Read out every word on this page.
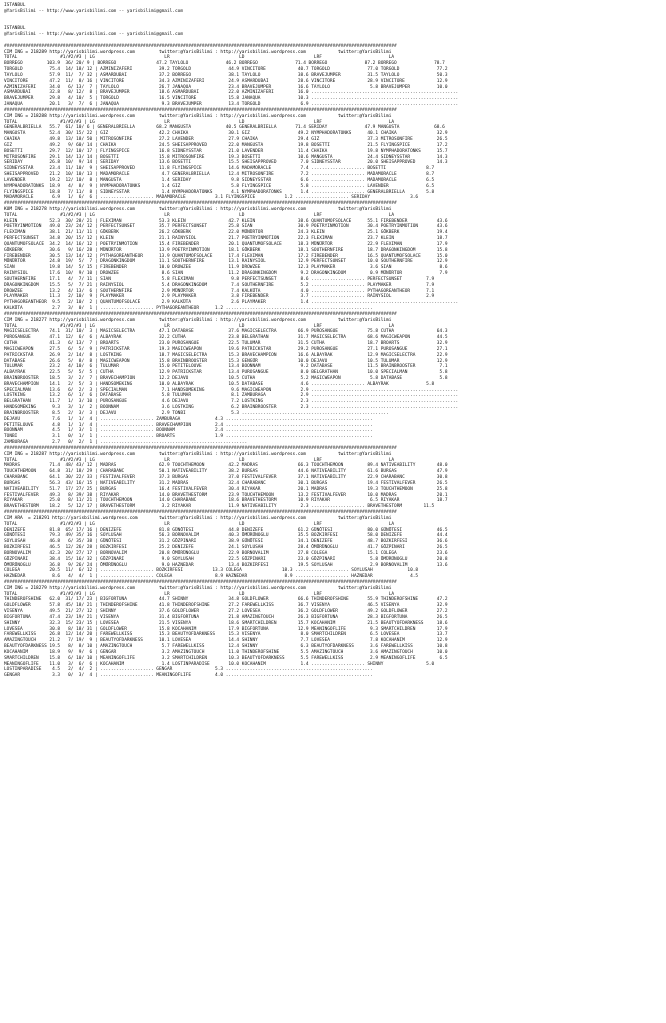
ISTANBUL
@YarisBilimi -- http://www.yarisbilimi.com -- yarisbilimi@gmail.com

ISTANBUL
@YarisBilimi -- http://www.yarisbilimi.com -- yarisbilimi@gmail.com

###################################################################################################################################################
CIM ING = 218289 http://yarisbilimi.wordpress.com         twitter:@YarisBilimi : http://yarisbilimi.wordpress.com            twitter:@YarisBilimi
TOTAL                #1/#2/#3 | LG                          LR                          LD                          LRF                         LA
BORREGO         103.9  36/ 20/ 9 | BORREGO               47.2 TAYLOLO              46.2 BORREGO              71.4 BORREGO              87.2 BORREGO              78.7
TORGOLD          75.4  14/ 18/ 12 | AZMINIZAFERI          39.2 TORGOLD              44.9 VINCITORE            40.7 TORGOLD              77.0 TORGOLD              77.2
TAYLOLO          57.9  11/  7/ 32 | ASMARDUBAI            37.2 BORREGO              38.1 TAYLOLO              38.6 BRAVEJUMPER          31.5 TAYLOLO              50.3
VINCITORE        47.2  11/  8/ 16 | VINCITORE             34.3 AZMINIZAFERI         24.9 ASMARDUBAI           28.6 VINCITORE            28.9 VINCITORE            12.9
AZMINIZAFERI     34.0   6/ 13/  7 | TAYLOLO               26.7 JANAQUA              23.4 BRAVEJUMPER          16.6 TAYLOLO               5.8 BRAVEJUMPER          10.0
ASMARDUBAI       32.8   8/ 12/  8 | BRAVEJUMPER           18.6 ASMARDUBAI           22.0 AZMINIZAFERI         16.0 .......................................................
BRAVEJUMPER      29.8   4/ 10/  5 | TORGOLD               16.5 VINCITORE            15.8 JANAQUA              10.3 .......................................................
JANAQUA          20.1   3/  7/  6 | JANAQUA                9.3 BRAVEJUMPER          13.4 TORGOLD               6.9 .......................................................
###################################################################################################################################################
CIM ING = 218288 http://yarisbilimi.wordpress.com         twitter:@YarisBilimi : http://yarisbilimi.wordpress.com            twitter:@YarisBilimi
TOTAL                #1/#2/#3 | LG                          LR                          LD                          LRF                         LA
GENERALBRIELLA   55.7  61/ 10/ 6 | GENERALBRIELLA        68.2 MANGUSTA             40.5 GENERALBRIELLA       71.4 SERIDAY              47.9 MANGUSTA             68.6
MANGUSTA         52.4  30/ 15/ 22 | GIZ                   42.2 CHAIKA               30.1 GIZ                  49.2 NYMPHADORATONKS      40.1 CHAIKA               32.9
CHAIKA           49.8  13/ 18/ 50 | MITROSONFIRE          27.2 LAVENDER             27.9 CHAIKA               29.4 GIZ                  37.3 MITROSONFIRE         26.5
GIZ              49.2   9/ 60/ 14 | CHAIKA                24.5 SHEISAPPROVED        22.0 MANGUSTA             19.8 BOSETTI              21.5 FLYINGSPICE          17.2
BOSETTI          29.7  12/ 10/ 17 | FLYINGSPICE           16.8 SIDNEYSSTAR          21.0 LAVENDER             11.4 CHAIKA               19.8 NYMPHADORATONKS      15.7
MITROSONFIRE     29.1  14/ 13/ 14 | BOSETTI               15.8 MITROSONFIRE         19.3 BOSETTI              10.6 MANGUSTA             24.4 SIDNEYSSTAR          14.3
SERIDAY          26.8  10/  9/ 14 | SERIDAY               13.6 BOSETTI              15.5 SHEISAPPROVED         7.0 SIDNEYSSTAR          20.0 SHEISAPPROVED        14.3
SIDNEYSSTAR      23.4  11/ 10/  9 | SHEISAPPROVED         11.8 FLYINGSPICE          14.6 MADAMORACLE           7.4 .................... BOSETTI               8.7
SHEISAPPROVED    21.2  10/ 10/ 13 | MADAMORACLE            4.7 GENERALBRIELLA       12.4 MITROSONFIRE          7.2 .................... MADAMORACLE           8.7
LAVENDER         19.2  12/ 10/  8 | MANGUSTA               1.4 SERIDAY               9.8 SIDNEYSSTAR           6.6 .................... MADAMORACLE           6.5
NYMPHADORATONKS  18.9   4/  8/  9 | NYMPHADORATONKS        1.4 GIZ                   5.8 FLYINGSPICE           5.8 .................... LAVENDER              6.5
FLYINGSPICE      18.8   7/ 11/  8 | SIDNEYSSTAR            1.4 NYMPHADORATONKS       4.1 NYMPHADORATONKS       1.4 .................... GENERALBRIELLA        5.8
MADAMORACLE       6.9   1/  6/  6 | .................... MADAMORACLE           3.1 FLYINGSPICE           1.2 .................... SERIDAY               3.6
###################################################################################################################################################
KUM ING = 218278 http://yarisbilimi.wordpress.com         twitter:@YarisBilimi : http://yarisbilimi.wordpress.com            twitter:@YarisBilimi
TOTAL                #1/#2/#3 | LG                          LR                          LD                          LRF                         LA
KLEIN            52.3  30/ 28/ 21 | FLEXIMAN              53.3 KLEIN                42.7 KLEIN                38.6 QUANTUMOFSOLACE      55.1 FIREBENDER           43.6
POETRYINMOTION   49.0  23/ 24/ 12 | PERFECTSUNSET         35.7 PERFECTSUNSET        25.8 SIAN                 30.9 POETRYINMOTION       30.4 POETRYINMOTION       43.6
FLEXIMAN         38.1  21/ 11/ 11 | GÖKBERK               26.2 GÖKBERK              22.0 MÜNÜRTOR             24.3 KLEIN                25.1 GÖKBERK              19.4
PERFECTSUNSET    34.8  20/ 15/ 12 | KLEIN                 21.1 RAINYSIOL            21.7 POETRYINMOTION       22.3 FLEXIMAN             23.7 KLEIN                18.7
QUANTUMOFSOLACE  34.2  14/ 16/ 12 | POETRYINMOTION        15.4 FIREBENDER           20.1 QUANTUMOFSOLACE      18.3 MÜNÜRTOR             22.9 FLEXIMAN             17.9
GÖKBERK          30.6   9/ 16/ 28 | MÜNÜRTOR              13.9 POETRYINMOTION       18.1 GÖKBERK              18.1 SOUTHERNFIRE         18.7 DRAGONKINGDOM        15.8
FIREBENDER       30.5  13/ 14/ 12 | PYTHAGOREANTHEOR      13.9 QUANTUMOFSOLACE      17.4 FLEXIMAN             17.2 FIREBENDER           16.5 QUANTUMOFSOLACE      15.0
MÜNÜRTOR         24.8  19/  5/  7 | DRAGONKINGDOM         11.1 SOUTHERNFIRE         13.1 RAINYSIOL            12.9 PERFECTSUNSET        10.0 SOUTHERNFIRE         12.9
SIAN             19.8  14/  5/ 15 | FIREBENDER            10.0 DROWZEE              11.9 DROWZEE              12.3 PLAYMAKER             3.6 SIAN                  8.6
RAINYSIOL        17.6  10/  9/ 10 | DROWZEE                8.6 SIAN                 11.2 DRAGONKINGDOM         9.2 DRAGONKINGDOM         0.9 MÜNÜRTOR              7.9
SOUTHERNFIRE     17.1   4/  7/ 11 | SIAN                   5.8 FLEXIMAN              9.8 PERFECTSUNSET         8.6 .................... PERFECTSUNSET         7.9
DRAGONKINGDOM    15.5   5/  7/ 21 | RAINYSIOL              5.4 DRAGONKINGDOM         7.4 SOUTHERNFIRE          5.2 .................... PLAYMAKER             7.9
DROWZEE          13.2   4/ 13/  6 | SOUTHERNFIRE           2.9 MÜNÜRTOR              7.4 KALKÜTA               4.0 .................... PYTHAGOREANTHEOR      7.1
PLAYMAKER        11.3   2/ 10/  9 | PLAYMAKER              2.9 PLAYMAKER             3.8 FIREBENDER            3.7 .................... RAINYSIOL             2.9
PYTHAGOREANTHEOR  9.5   2/ 10/  2 | QUANTUMOFSOLACE        2.9 KALKÜTA               2.6 PLAYMAKER             1.4 .......................................................
KALKÜTA           2.7   3/  0/  1 | .................... PYTHAGOREANTHEOR      1.2 .......................................................
###################################################################################################################################################
CIM ING = 218277 http://yarisbilimi.wordpress.com         twitter:@YarisBilimi : http://yarisbilimi.wordpress.com            twitter:@YarisBilimi
TOTAL                #1/#2/#3 | LG                          LR                          LD                          LRF                         LA
MAGICSELECTRA    74.1  31/ 10/  3 | MAGICSELECTRA         47.1 DATABASE             37.6 MAGICSELECTRA        66.9 PUROSANGUE           75.8 CUTHA                64.3
PUROSANGUE       47.1  12/  6/  6 | ALBAYRAK              32.2 CUTHA                23.8 BELGRATHAN           31.7 MAGICSELECTRA        68.6 MAGICWEAPON          44.5
CUTHA            41.3   6/ 13/  7 | BROARTS               23.0 PUROSANGUE           22.5 TULUMAR              31.5 CUTHA                18.7 BROARTS              32.9
MAGICWEAPON      27.5   6/  5/  9 | PATRICKSTAR           19.3 MAGICWEAPON          19.6 PATRICKSTAR          29.2 PUROSANGUE           27.1 PUROSANGUE           27.1
PATRICKSTAR      26.9   2/ 14/  8 | LOSTKING              18.7 MAGICSELECTRA        15.3 BRAVECHAMPION        16.6 ALBAYRAK             12.9 MAGICSELECTRA        22.9
DATABASE         26.6   5/  8/  8 | MAGICWEAPON           15.8 BRAINBROOSTER        15.3 GENGÜR               10.0 DEJAVU               10.5 TULUMAR              12.9
TULUMAR          23.2   4/ 10/  6 | TULUMAR               15.0 PETITELOUVE          13.4 BOONNAM               9.2 DATABASE             11.5 BRAINBROOSTER         7.1
ALBAYRAK         22.5   5/  5/  5 | CUTHA                 12.9 PATRICKSTAR          13.4 PUROSANGUE            8.0 BELGRATHAN           10.0 SPECIALMAN            5.8
BRAINBROOSTER    18.5   3/  2/  7 | BRAVECHAMPION         12.2 DEJAVU               10.5 CUTHA                 5.2 MAGICWEAPON           5.8 DATABASE              5.8
BRAVECHAMPION    14.1   2/  5/  3 | HANDSOMEKING          10.0 ALBAYRAK             10.5 DATABASE              4.6 .................... ALBAYRAK              5.8
SPECIALMAN       13.6   6/  2/  3 | SPECIALMAN             7.1 HANDSOMEKING          9.6 MAGICWEAPON           2.9 .......................................................
LOSTKING         13.2   6/  1/  6 | DATABASE               5.8 TULUMAR               8.1 ZAMBURAGA             2.9 .......................................................
BELGRATHAN       11.7   1/  3/ 10 | PUROSANGUE             4.6 DEJAVU                7.2 LOSTKING              2.3 .......................................................
HANDSOMEKING      9.3   3/  1/  2 | BOONNAM                3.6 LOSTKING              6.2 BRAINBROOSTER         2.3 .......................................................
BRAINBROOSTER     8.5   2/  3/  3 | DEJAVU                 2.9 TONBI                 5.3 .......................................................
DEJAVU            7.6   1/  1/  4 | .................... ZAMBURAGA             4.3 .......................................................
PETITELOUVE       4.8   1/  1/  4 | .................... BRAVECHAMPION         2.4 .......................................................
BOONNAM           4.5   1/  3/  1 | .................... BOONNAM               2.4 .......................................................
TONBI             3.1   0/  1/  1 | .................... BROARTS               1.9 .......................................................
ZAMBURAGA         2.7   0/  2/  1 | .......................................................
###################################################################################################################################################
CIM ING = 218287 http://yarisbilimi.wordpress.com         twitter:@YarisBilimi : http://yarisbilimi.wordpress.com            twitter:@YarisBilimi
TOTAL                #1/#2/#3 | LG                          LR                          LD                          LRF                         LA
MADRAS           71.4  48/ 43/ 12 | MADRAS                62.9 TOUCHTHEMOON         42.2 MADRAS               66.3 TOUCHTHEMOON         89.4 NATIVEABILITY        48.0
TOUCHTHEMOON     64.8  31/ 18/ 29 | CHARABANC             50.1 NATIVEABILITY        38.2 BURGAS               44.6 NATIVEABILITY        61.6 BURGAS               47.9
CHARABANC        64.1  30/ 22/ 33 | FESTIVALFEVER         37.3 BURGAS               37.0 FESTIVALFEVER        37.1 NATIVEABILITY        22.9 CHARABANC            30.8
BURGAS           56.3  43/ 16/ 15 | NATIVEABILITY         31.2 MADRAS               32.4 CHARABANC            30.1 BURGAS               19.4 FESTIVALFEVER        26.5
NATIVEABILITY    51.7  17/ 27/ 25 | BURGAS                16.4 FESTIVALFEVER        30.4 RIYAKAR              20.1 MADRAS               19.3 TOUCHTHEMOON         25.8
FESTIVALFEVER    49.3   8/ 39/ 38 | RIYAKAR               14.0 BRAVETHESTORM        23.9 TOUCHTHEMOON         13.2 FESTIVALFEVER        10.0 MADRAS               20.1
RIYAKAR          25.0   8/ 11/ 21 | TOUCHTHEMOON          14.0 CHARABANC            18.6 BRAVETHESTORM        10.9 RIYAKAR               6.5 RIYAKAR              18.7
BRAVETHESTORM    18.2   5/ 12/ 17 | BRAVETHESTORM          3.2 RIYAKAR              11.9 NATIVEABILITY         2.3 .................... BRAVETHESTORM        11.5
###################################################################################################################################################
CIM ARA  = 218291 http://yarisbilimi.wordpress.com        twitter:@YarisBilimi : http://yarisbilimi.wordpress.com            twitter:@YarisBilimi
TOTAL                #1/#2/#3 | LG                          LR                          LD                          LRF                         LA
DENIZEFE         81.8  65/ 17/ 16 | DENIZEFE              81.8 GÜNÖTESI             44.8 DENIZEFE             61.2 GÜNÖTESI             80.0 GÜNÖTESI             46.5
GÜNÖTESI         79.3  49/ 35/ 16 | SOYLUSAH              56.3 BORNOVALIM           40.3 ÖMÜRÜNOGLU           35.5 BOZKIRFESI           58.0 DENIZEFE             44.4
SOYLUSAH         46.8   6/ 35/ 38 | GÜNÖTESI              31.2 GÖZPINARI            38.9 GÜNÖTESI             34.1 DENIZEFE             48.7 BOZKIRFESI           36.6
BOZKIRFESI       46.5  12/ 26/ 28 | BOZKIRFESI            25.2 DENIZEFE             24.1 SOYLUSAH             28.4 ÖMÜRÜNOGLU           41.7 GÖZPINARI            26.5
BORNOVALIM       42.3  20/ 27/ 17 | BORNOVALIM            20.8 ÖMÜRÜNOGLU           22.9 BORNOVALIM           27.8 COLEGA               15.1 COLEGA               23.6
GÖZPINARI        38.4  15/ 16/ 32 | GÖZPINARI              9.0 SOYLUSAH             22.5 GÖZPINARI            23.0 GÖZPINARI             5.8 ÖMÜRÜNOGLU           20.8
ÖMÜRÜNOGLU       36.8   9/ 26/ 24 | ÖMÜRÜNOGLU             9.0 HAZNEDAR             13.4 BOZKIRFESI           19.5 SOYLUSAH              2.9 BORNOVALIM           13.6
COLEGA           20.5  11/  6/ 12 | .................... BOZKIRFESI           13.3 COLEGA               18.3 .................... SOYLUSAH             10.8
HAZNEDAR          8.6   4/  4/  1 | .................... COLEGA                8.9 HAZNEDAR              8.9 .................... HAZNEDAR              4.5
###################################################################################################################################################
CIM ING = 218279 http://yarisbilimi.wordpress.com         twitter:@YarisBilimi : http://yarisbilimi.wordpress.com            twitter:@YarisBilimi
TOTAL                #1/#2/#3 | LG                          LR                          LD                          LRF                         LA
THINDEROFSHINE   62.0  31/ 17/ 23 | BIGFORTUNA            44.7 SHINNY               34.8 GOLDFLOWER           66.6 THINDEROFSHINE       55.9 THINDEROFSHINE       47.2
GOLDFLOWER       57.8  45/ 18/ 21 | THINDEROFSHINE        41.8 THINDEROFSHINE       27.2 FAREWELLKISS         36.7 VISENYA              46.5 VISENYA              32.9
VISENYA          49.5  21/ 27/ 12 | SHINNY                37.6 GOLDFLOWER           27.2 LOVESEA              36.2 GOLDFLOWER           49.2 GOLDFLOWER           27.2
BIGFORTUNA       47.4  23/ 19/ 21 | VISENYA               31.4 BIGFORTUNA           21.8 AMAZINGTOUCH         26.3 BIGFORTUNA           28.3 BIGFORTUNA           26.5
SHINNY           32.3  15/ 23/ 15 | LOVESEA               21.5 VISENYA              18.6 SMARTCHILDREN        15.7 KOCAHANIM            21.5 BEAUTYOFDARKNESS     18.6
LOVESEA          30.8   8/ 18/ 31 | GOLDFLOWER            15.8 KOCAHANIM            17.9 BIGFORTUNA           12.9 MEANINGOFLIFE         9.3 SMARTCHILDREN        17.9
FAREWELLKISS     26.8  12/ 14/ 20 | FAREWELLKISS          15.3 BEAUTYOFDARKNESS     15.3 VISENYA               8.0 SMARTCHILDREN         6.5 LOVESEA              13.7
AMAZINGTOUCH     21.2   7/ 19/  9 | BEAUTYOFDARKNESS      10.1 LOVESEA              14.4 SHINNY                7.7 LOVESEA               7.8 KOCAHANIM            12.9
BEAUTYOFDARKNESS 19.5   8/  8/ 10 | AMAZINGTOUCH           5.7 FAREWELLKISS         12.4 SHINNY                6.3 BEAUTYOFDARKNESS      3.6 FAREWELLKISS         10.8
KOCAHANIM        18.9   9/  9/  6 | GENGAR                 3.2 AMAZINGTOUCH         11.0 THINDEROFSHINE        5.5 AMAZINGTOUCH          3.6 AMAZINGTOUCH         10.0
SMARTCHILDREN    15.8   6/ 10/ 10 | MEANINGOFLIFE          3.2 SMARTCHILDREN        10.3 BEAUTYOFDARKNESS      5.5 FAREWELLKISS          2.9 MEANINGOFLIFE         6.5
MEANINGOFLIFE    11.0   3/  6/  6 | KOCAHANIM              1.4 LOSTINPARADISE       10.0 KOCAHANIM             1.4 .................... SHINNY                5.0
LOSTINPARADISE    4.5   2/  4/  2 | .................... GENGAR                5.3 .......................................................
GENGAR            3.3   0/  3/  4 | .................... MEANINGOFLIFE         4.0 .......................................................
